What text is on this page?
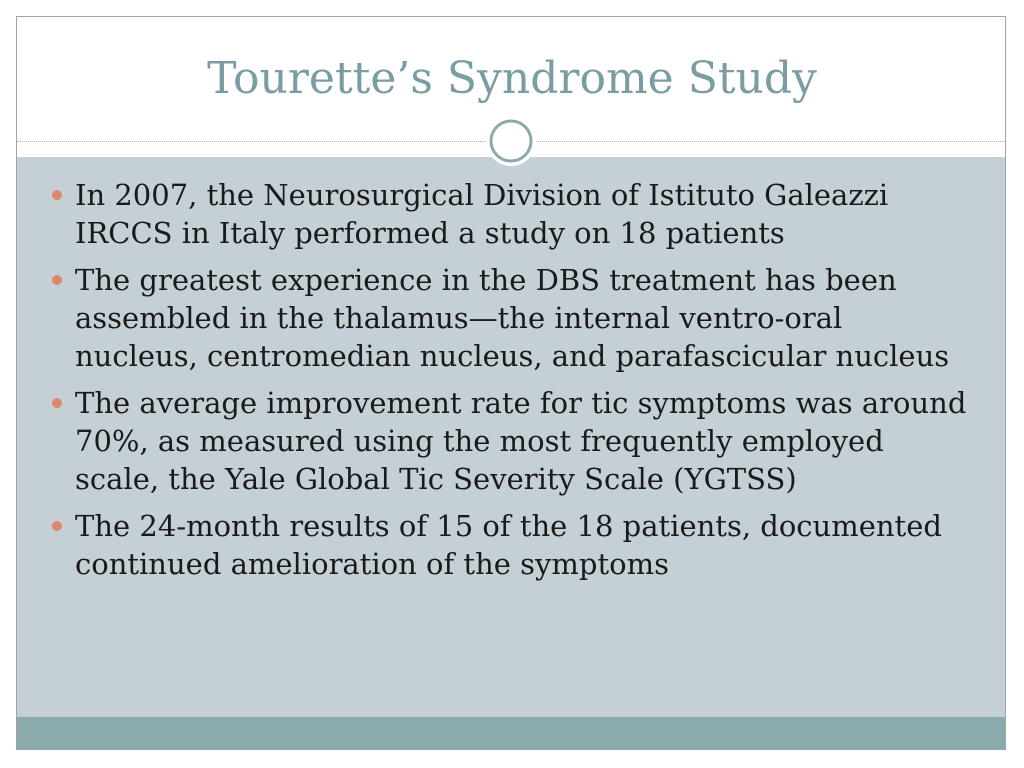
Tourette’s Syndrome Study
In 2007, the Neurosurgical Division of Istituto Galeazzi IRCCS in Italy performed a study on 18 patients
The greatest experience in the DBS treatment has been assembled in the thalamus—the internal ventro-oral nucleus, centromedian nucleus, and parafascicular nucleus
The average improvement rate for tic symptoms was around 70%, as measured using the most frequently employed scale, the Yale Global Tic Severity Scale (YGTSS)
The 24-month results of 15 of the 18 patients, documented continued amelioration of the symptoms
